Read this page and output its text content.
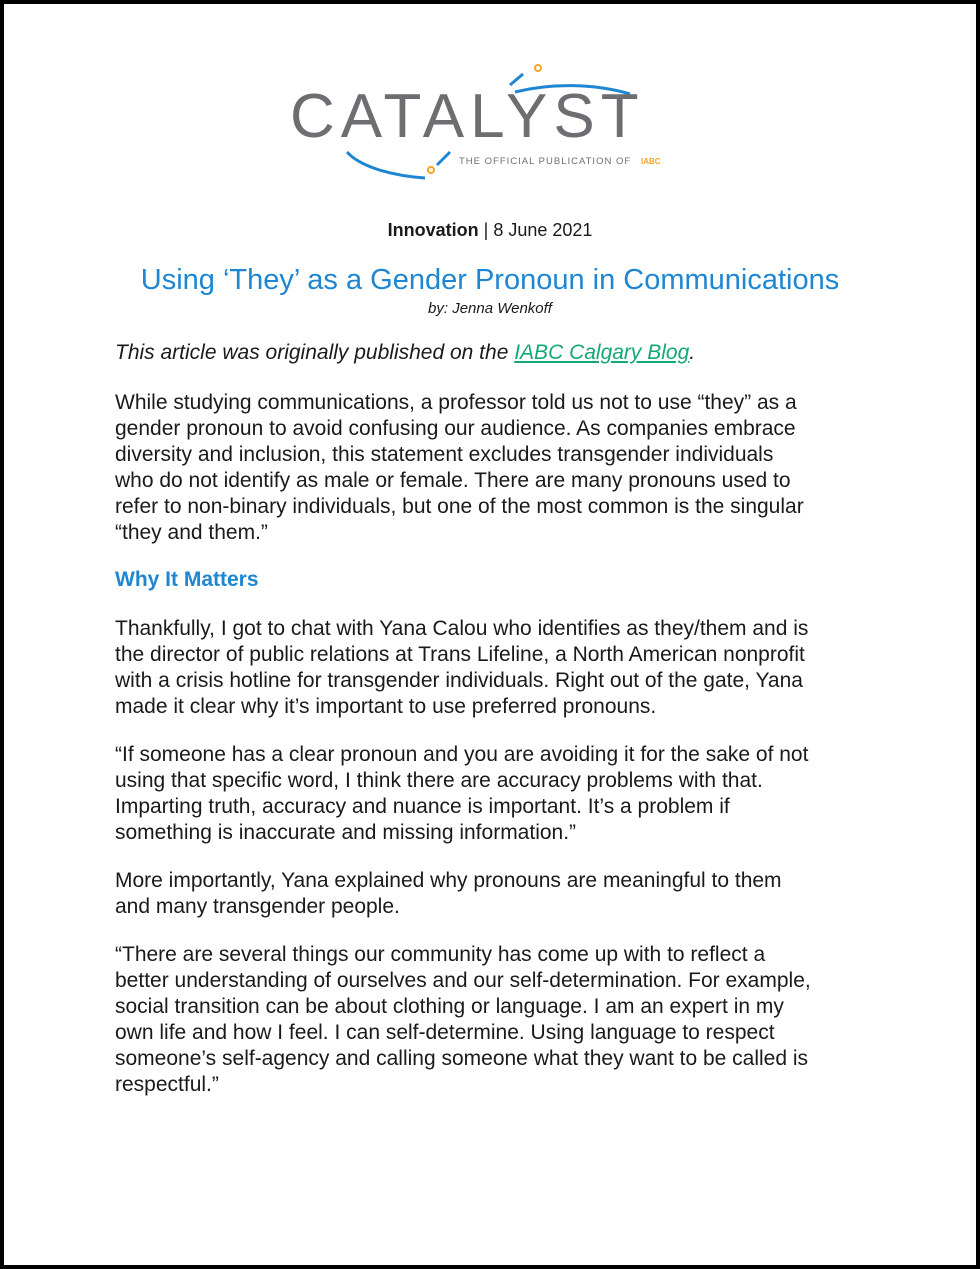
CATALYST
THE OFFICIAL PUBLICATION OF IABC
Innovation | 8 June 2021
Using ‘They’ as a Gender Pronoun in Communications
by: Jenna Wenkoff
This article was originally published on the IABC Calgary Blog.
While studying communications, a professor told us not to use “they” as a
gender pronoun to avoid confusing our audience. As companies embrace
diversity and inclusion, this statement excludes transgender individuals
who do not identify as male or female. There are many pronouns used to
refer to non-binary individuals, but one of the most common is the singular
“they and them.”
Why It Matters
Thankfully, I got to chat with Yana Calou who identifies as they/them and is
the director of public relations at Trans Lifeline, a North American nonprofit
with a crisis hotline for transgender individuals. Right out of the gate, Yana
made it clear why it’s important to use preferred pronouns.
“If someone has a clear pronoun and you are avoiding it for the sake of not
using that specific word, I think there are accuracy problems with that.
Imparting truth, accuracy and nuance is important. It’s a problem if
something is inaccurate and missing information.”
More importantly, Yana explained why pronouns are meaningful to them
and many transgender people.
“There are several things our community has come up with to reflect a
better understanding of ourselves and our self-determination. For example,
social transition can be about clothing or language. I am an expert in my
own life and how I feel. I can self-determine. Using language to respect
someone’s self-agency and calling someone what they want to be called is
respectful.”
